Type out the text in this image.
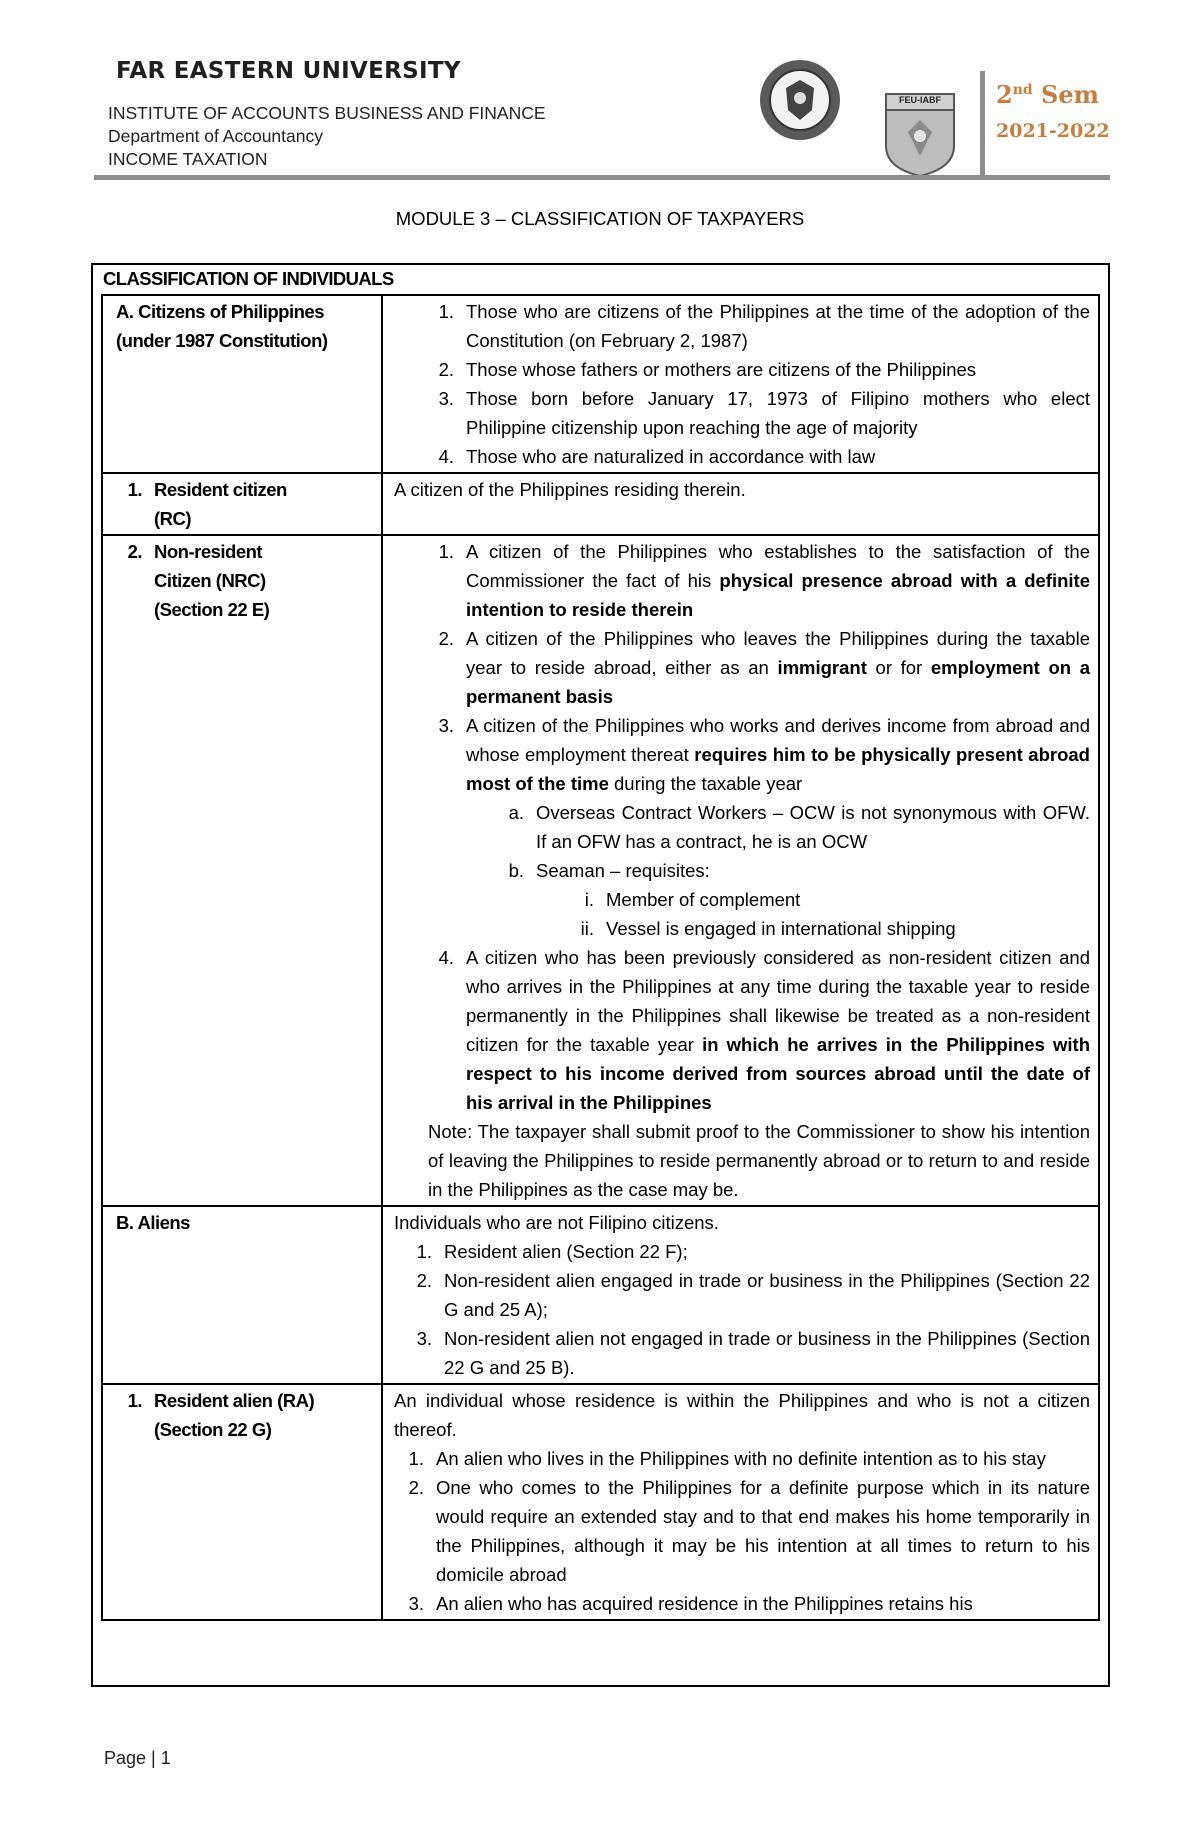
FAR EASTERN UNIVERSITY
INSTITUTE OF ACCOUNTS BUSINESS AND FINANCE
Department of Accountancy
INCOME TAXATION
FEU-IABF	2nd Sem
2021-2022
MODULE 3 – CLASSIFICATION OF TAXPAYERS
CLASSIFICATION OF INDIVIDUALS
A. Citizens of Philippines
(under 1987 Constitution)
1. Those who are citizens of the Philippines at the time of the adoption of the Constitution (on February 2, 1987)
2. Those whose fathers or mothers are citizens of the Philippines
3. Those born before January 17, 1973 of Filipino mothers who elect Philippine citizenship upon reaching the age of majority
4. Those who are naturalized in accordance with law
1. Resident citizen
(RC)
A citizen of the Philippines residing therein.
2. Non-resident
Citizen (NRC)
(Section 22 E)
1. A citizen of the Philippines who establishes to the satisfaction of the Commissioner the fact of his physical presence abroad with a definite intention to reside therein
2. A citizen of the Philippines who leaves the Philippines during the taxable year to reside abroad, either as an immigrant or for employment on a permanent basis
3. A citizen of the Philippines who works and derives income from abroad and whose employment thereat requires him to be physically present abroad most of the time during the taxable year
a. Overseas Contract Workers – OCW is not synonymous with OFW. If an OFW has a contract, he is an OCW
b. Seaman – requisites:
i. Member of complement
ii. Vessel is engaged in international shipping
4. A citizen who has been previously considered as non-resident citizen and who arrives in the Philippines at any time during the taxable year to reside permanently in the Philippines shall likewise be treated as a non-resident citizen for the taxable year in which he arrives in the Philippines with respect to his income derived from sources abroad until the date of his arrival in the Philippines
Note: The taxpayer shall submit proof to the Commissioner to show his intention of leaving the Philippines to reside permanently abroad or to return to and reside in the Philippines as the case may be.
B. Aliens	Individuals who are not Filipino citizens.
1. Resident alien (Section 22 F);
2. Non-resident alien engaged in trade or business in the Philippines (Section 22 G and 25 A);
3. Non-resident alien not engaged in trade or business in the Philippines (Section 22 G and 25 B).
1. Resident alien (RA)
(Section 22 G)
An individual whose residence is within the Philippines and who is not a citizen thereof.
1. An alien who lives in the Philippines with no definite intention as to his stay
2. One who comes to the Philippines for a definite purpose which in its nature would require an extended stay and to that end makes his home temporarily in the Philippines, although it may be his intention at all times to return to his domicile abroad
3. An alien who has acquired residence in the Philippines retains his
Page | 1
